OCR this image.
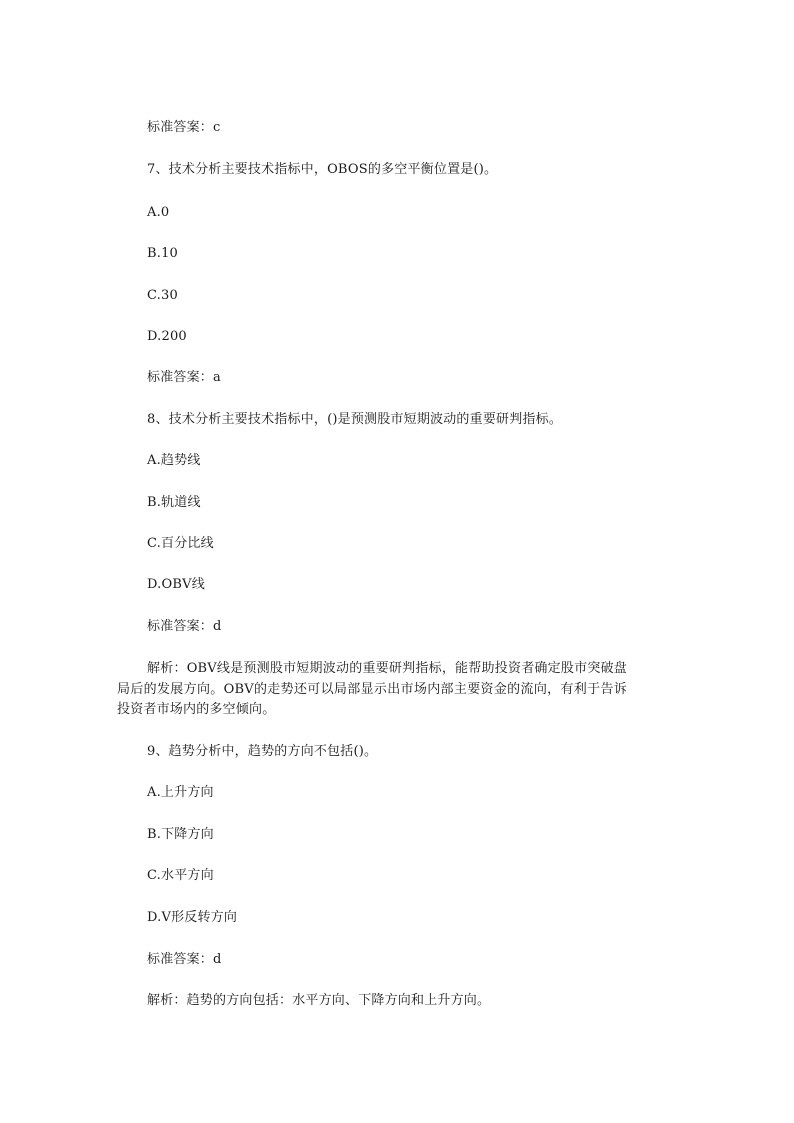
标准答案：c
7、技术分析主要技术指标中，OBOS的多空平衡位置是()。
A.0
B.10
C.30
D.200
标准答案：a
8、技术分析主要技术指标中，()是预测股市短期波动的重要研判指标。
A.趋势线
B.轨道线
C.百分比线
D.OBV线
标准答案：d
解析：OBV线是预测股市短期波动的重要研判指标，能帮助投资者确定股市突破盘局后的发展方向。OBV的走势还可以局部显示出市场内部主要资金的流向，有利于告诉投资者市场内的多空倾向。
9、趋势分析中，趋势的方向不包括()。
A.上升方向
B.下降方向
C.水平方向
D.V形反转方向
标准答案：d
解析：趋势的方向包括：水平方向、下降方向和上升方向。
